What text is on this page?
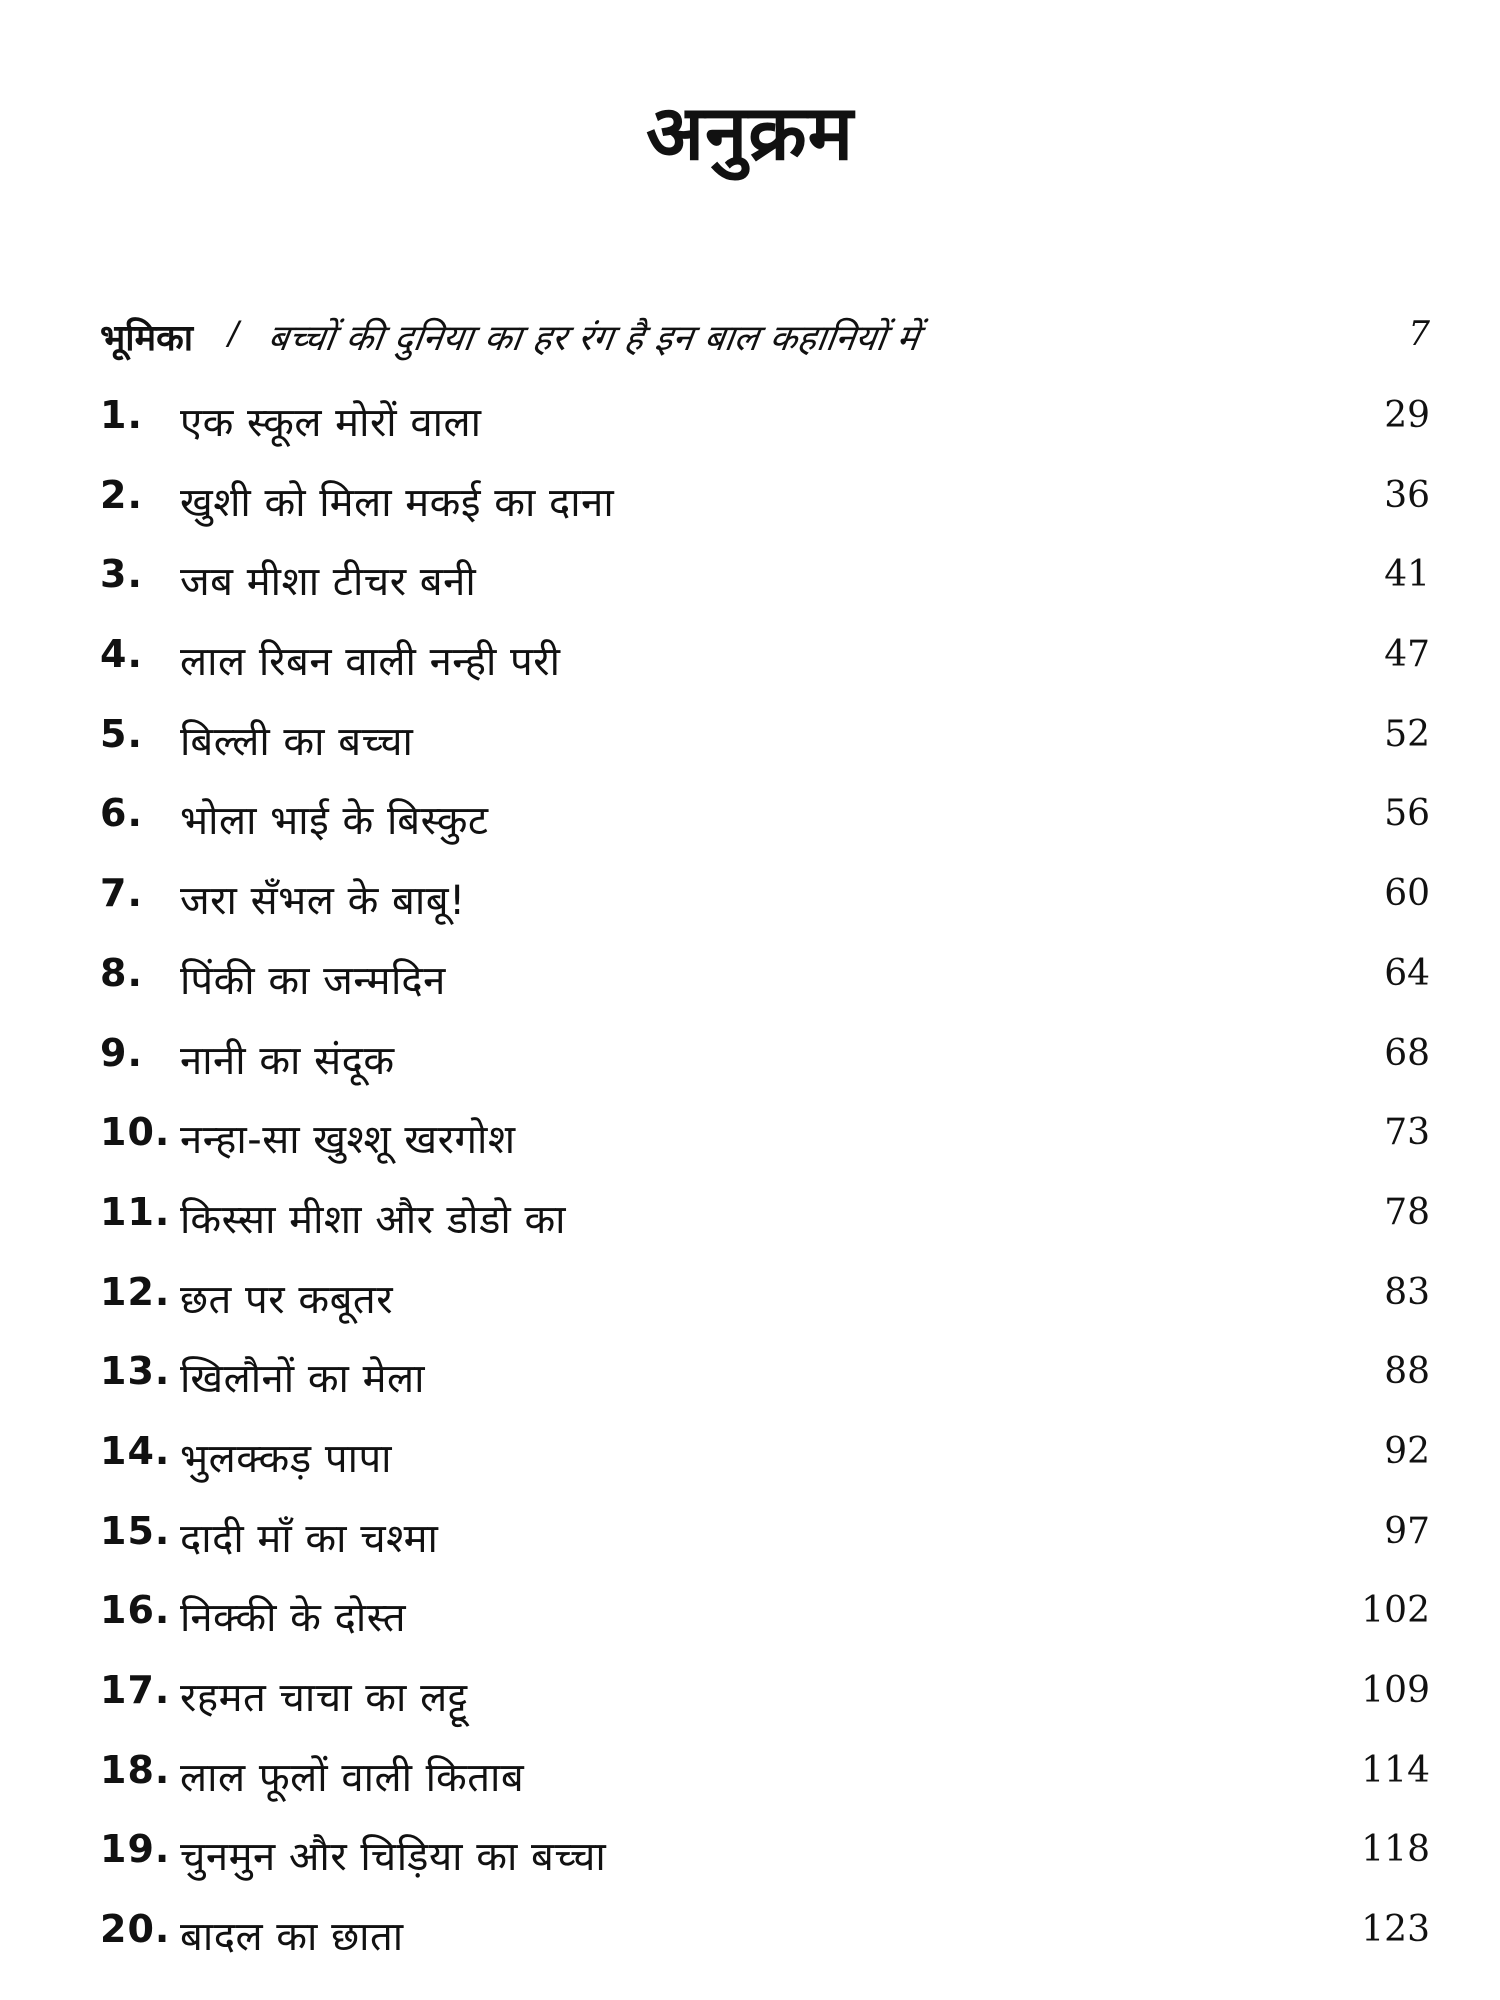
अनुक्रम
भूमिका / बच्चों की दुनिया का हर रंग है इन बाल कहानियों में	7
1. एक स्कूल मोरों वाला	29
2. खुशी को मिला मकई का दाना	36
3. जब मीशा टीचर बनी	41
4. लाल रिबन वाली नन्ही परी	47
5. बिल्ली का बच्चा	52
6. भोला भाई के बिस्कुट	56
7. जरा सँभल के बाबू!	60
8. पिंकी का जन्मदिन	64
9. नानी का संदूक	68
10. नन्हा-सा खुश्शू खरगोश	73
11. किस्सा मीशा और डोडो का	78
12. छत पर कबूतर	83
13. खिलौनों का मेला	88
14. भुलक्कड़ पापा	92
15. दादी माँ का चश्मा	97
16. निक्की के दोस्त	102
17. रहमत चाचा का लट्टू	109
18. लाल फूलों वाली किताब	114
19. चुनमुन और चिड़िया का बच्चा	118
20. बादल का छाता	123
